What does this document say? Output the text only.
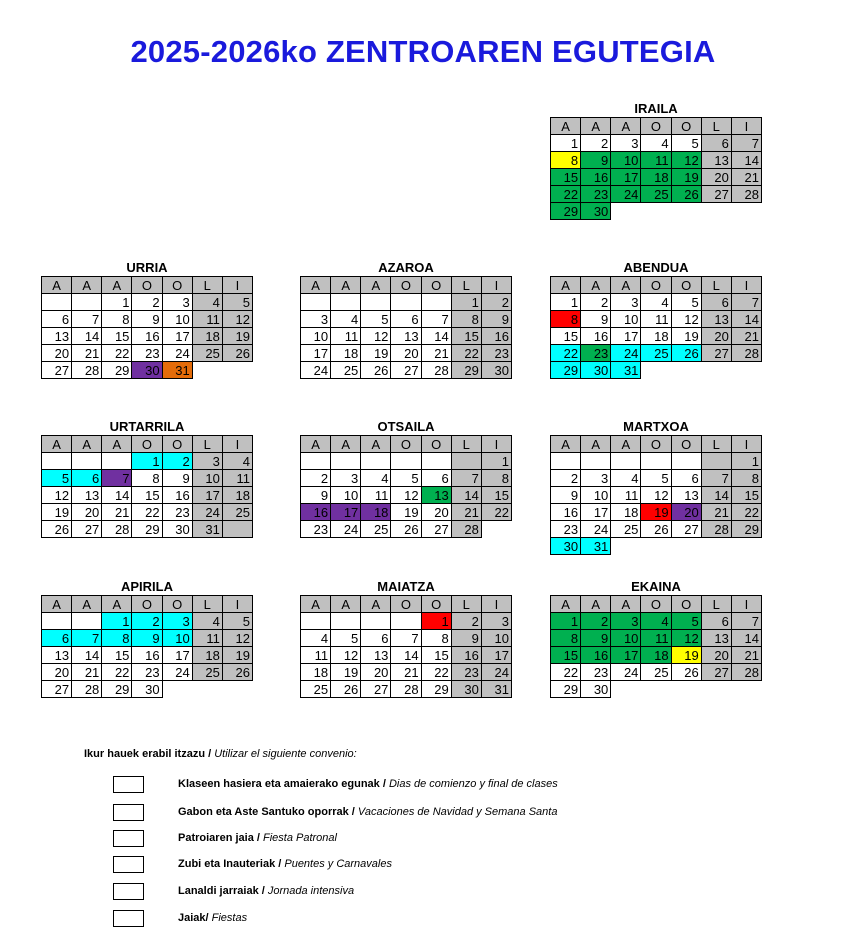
2025-2026ko ZENTROAREN EGUTEGIA
IRAILA
A	A	A	O	O	L	I
1	2	3	4	5	6	7
8	9	10	11	12	13	14
15	16	17	18	19	20	21
22	23	24	25	26	27	28
29	30					
URRIA
A	A	A	O	O	L	I
		1	2	3	4	5
6	7	8	9	10	11	12
13	14	15	16	17	18	19
20	21	22	23	24	25	26
27	28	29	30	31		
AZAROA
A	A	A	O	O	L	I
					1	2
3	4	5	6	7	8	9
10	11	12	13	14	15	16
17	18	19	20	21	22	23
24	25	26	27	28	29	30
ABENDUA
A	A	A	O	O	L	I
1	2	3	4	5	6	7
8	9	10	11	12	13	14
15	16	17	18	19	20	21
22	23	24	25	26	27	28
29	30	31				
URTARRILA
A	A	A	O	O	L	I
			1	2	3	4
5	6	7	8	9	10	11
12	13	14	15	16	17	18
19	20	21	22	23	24	25
26	27	28	29	30	31	
OTSAILA
A	A	A	O	O	L	I
						1
2	3	4	5	6	7	8
9	10	11	12	13	14	15
16	17	18	19	20	21	22
23	24	25	26	27	28	
MARTXOA
A	A	A	O	O	L	I
						1
2	3	4	5	6	7	8
9	10	11	12	13	14	15
16	17	18	19	20	21	22
23	24	25	26	27	28	29
30	31					
APIRILA
A	A	A	O	O	L	I
		1	2	3	4	5
6	7	8	9	10	11	12
13	14	15	16	17	18	19
20	21	22	23	24	25	26
27	28	29	30			
MAIATZA
A	A	A	O	O	L	I
				1	2	3
4	5	6	7	8	9	10
11	12	13	14	15	16	17
18	19	20	21	22	23	24
25	26	27	28	29	30	31
EKAINA
A	A	A	O	O	L	I
1	2	3	4	5	6	7
8	9	10	11	12	13	14
15	16	17	18	19	20	21
22	23	24	25	26	27	28
29	30					
Ikur hauek erabil itzazu / Utilizar el siguiente convenio:
Klaseen hasiera eta amaierako egunak / Dias de comienzo y final de clases
Gabon eta Aste Santuko oporrak / Vacaciones de Navidad y Semana Santa
Patroiaren jaia / Fiesta Patronal
Zubi eta Inauteriak / Puentes y Carnavales
Lanaldi jarraiak / Jornada intensiva
Jaiak/ Fiestas
